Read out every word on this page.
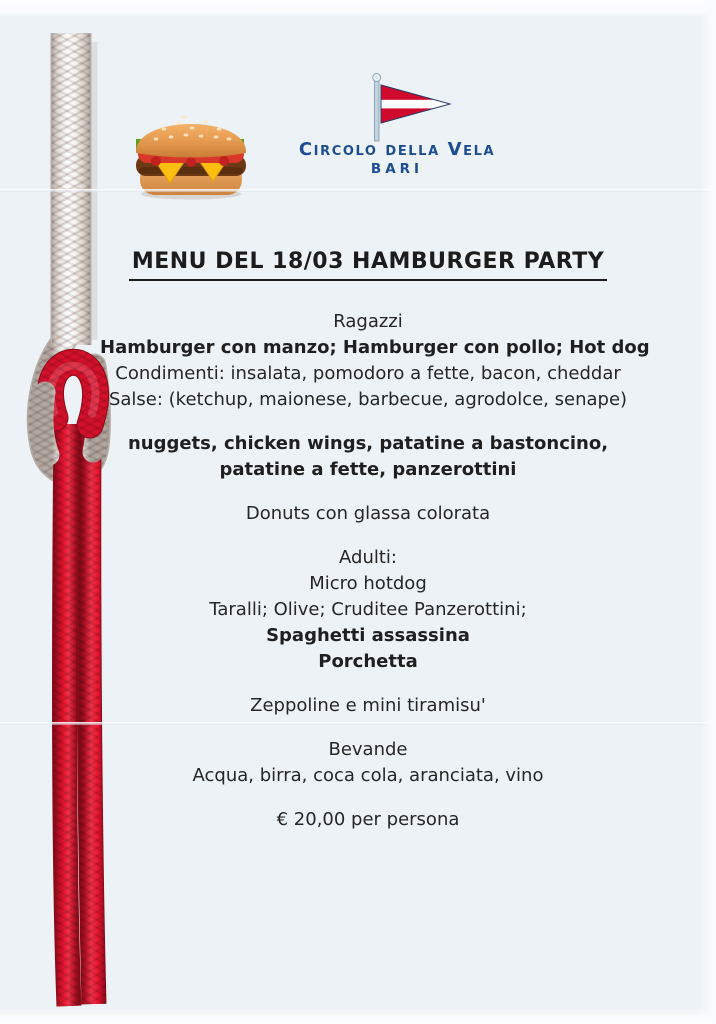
Circolo della Vela
BARI
MENU DEL 18/03 HAMBURGER PARTY

Ragazzi

Hamburger con manzo; Hamburger con pollo; Hot dog

Condimenti: insalata, pomodoro a fette, bacon, cheddar

Salse: (ketchup, maionese, barbecue, agrodolce, senape)

nuggets, chicken wings, patatine a bastoncino,

patatine a fette, panzerottini

Donuts con glassa colorata

Adulti:

Micro hotdog

Taralli; Olive; Cruditee Panzerottini;

Spaghetti assassina

Porchetta

Zeppoline e mini tiramisu'

Bevande

Acqua, birra, coca cola, aranciata, vino

€ 20,00 per persona
